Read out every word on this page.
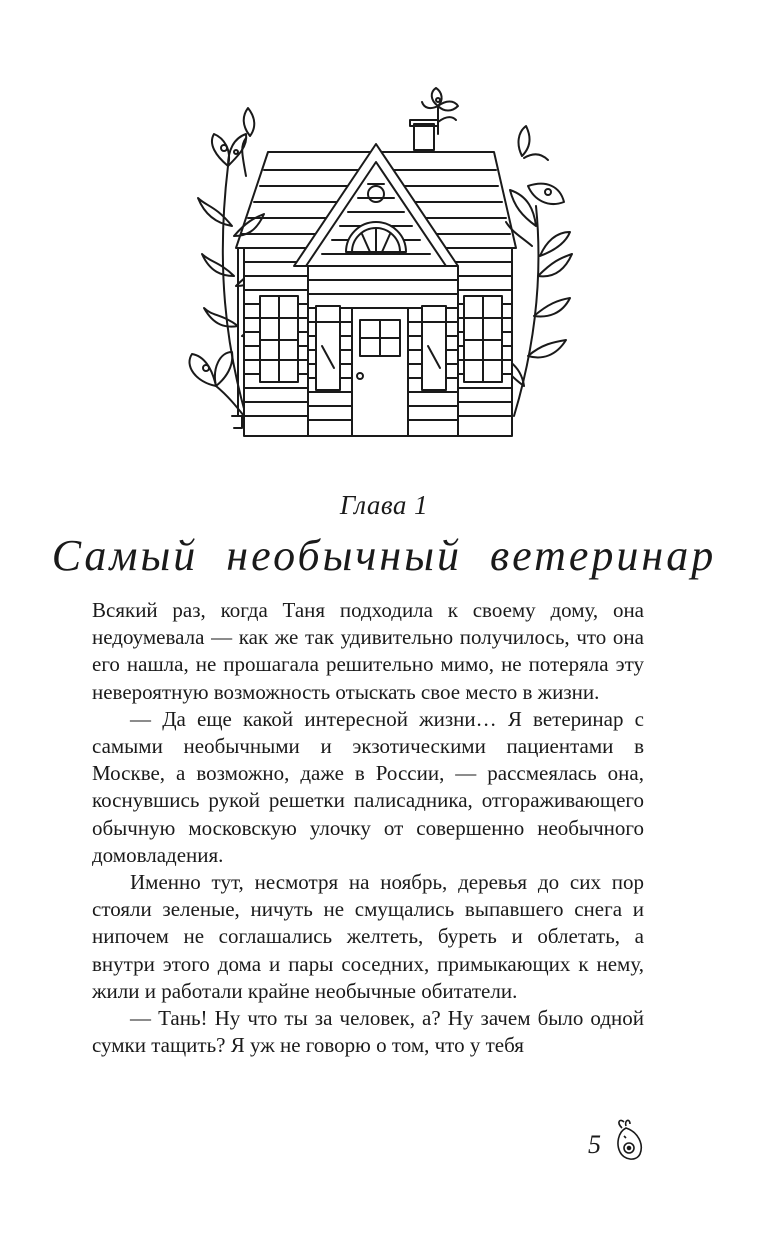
Глава 1
Самый необычный ветеринар

Всякий раз, когда Таня подходила к своему дому, она недоумевала — как же так удивительно получилось, что она его нашла, не прошагала решительно мимо, не потеряла эту невероятную возможность отыскать свое место в жизни.

— Да еще какой интересной жизни… Я ветеринар с самыми необычными и экзотическими пациентами в Москве, а возможно, даже в России, — рассмеялась она, коснувшись рукой решетки палисадника, отгораживающего обычную московскую улочку от совершенно необычного домовладения.

Именно тут, несмотря на ноябрь, деревья до сих пор стояли зеленые, ничуть не смущались выпавшего снега и нипочем не соглашались желтеть, буреть и облетать, а внутри этого дома и пары соседних, примыкающих к нему, жили и работали крайне необычные обитатели.

— Тань! Ну что ты за человек, а? Ну зачем было одной сумки тащить? Я уж не говорю о том, что у тебя

5
